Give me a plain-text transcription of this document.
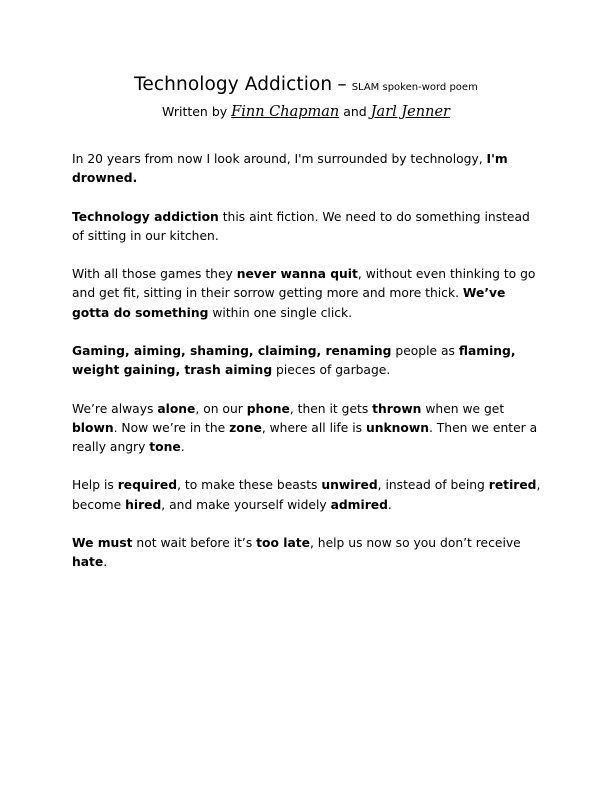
Technology Addiction – SLAM spoken-word poem
Written by Finn Chapman and Jarl Jenner

In 20 years from now I look around, I'm surrounded by technology, I'm drowned.

Technology addiction this aint fiction. We need to do something instead of sitting in our kitchen.

With all those games they never wanna quit, without even thinking to go and get fit, sitting in their sorrow getting more and more thick. We’ve gotta do something within one single click.

Gaming, aiming, shaming, claiming, renaming people as flaming, weight gaining, trash aiming pieces of garbage.

We’re always alone, on our phone, then it gets thrown when we get blown. Now we’re in the zone, where all life is unknown. Then we enter a really angry tone.

Help is required, to make these beasts unwired, instead of being retired, become hired, and make yourself widely admired.

We must not wait before it’s too late, help us now so you don’t receive hate.
